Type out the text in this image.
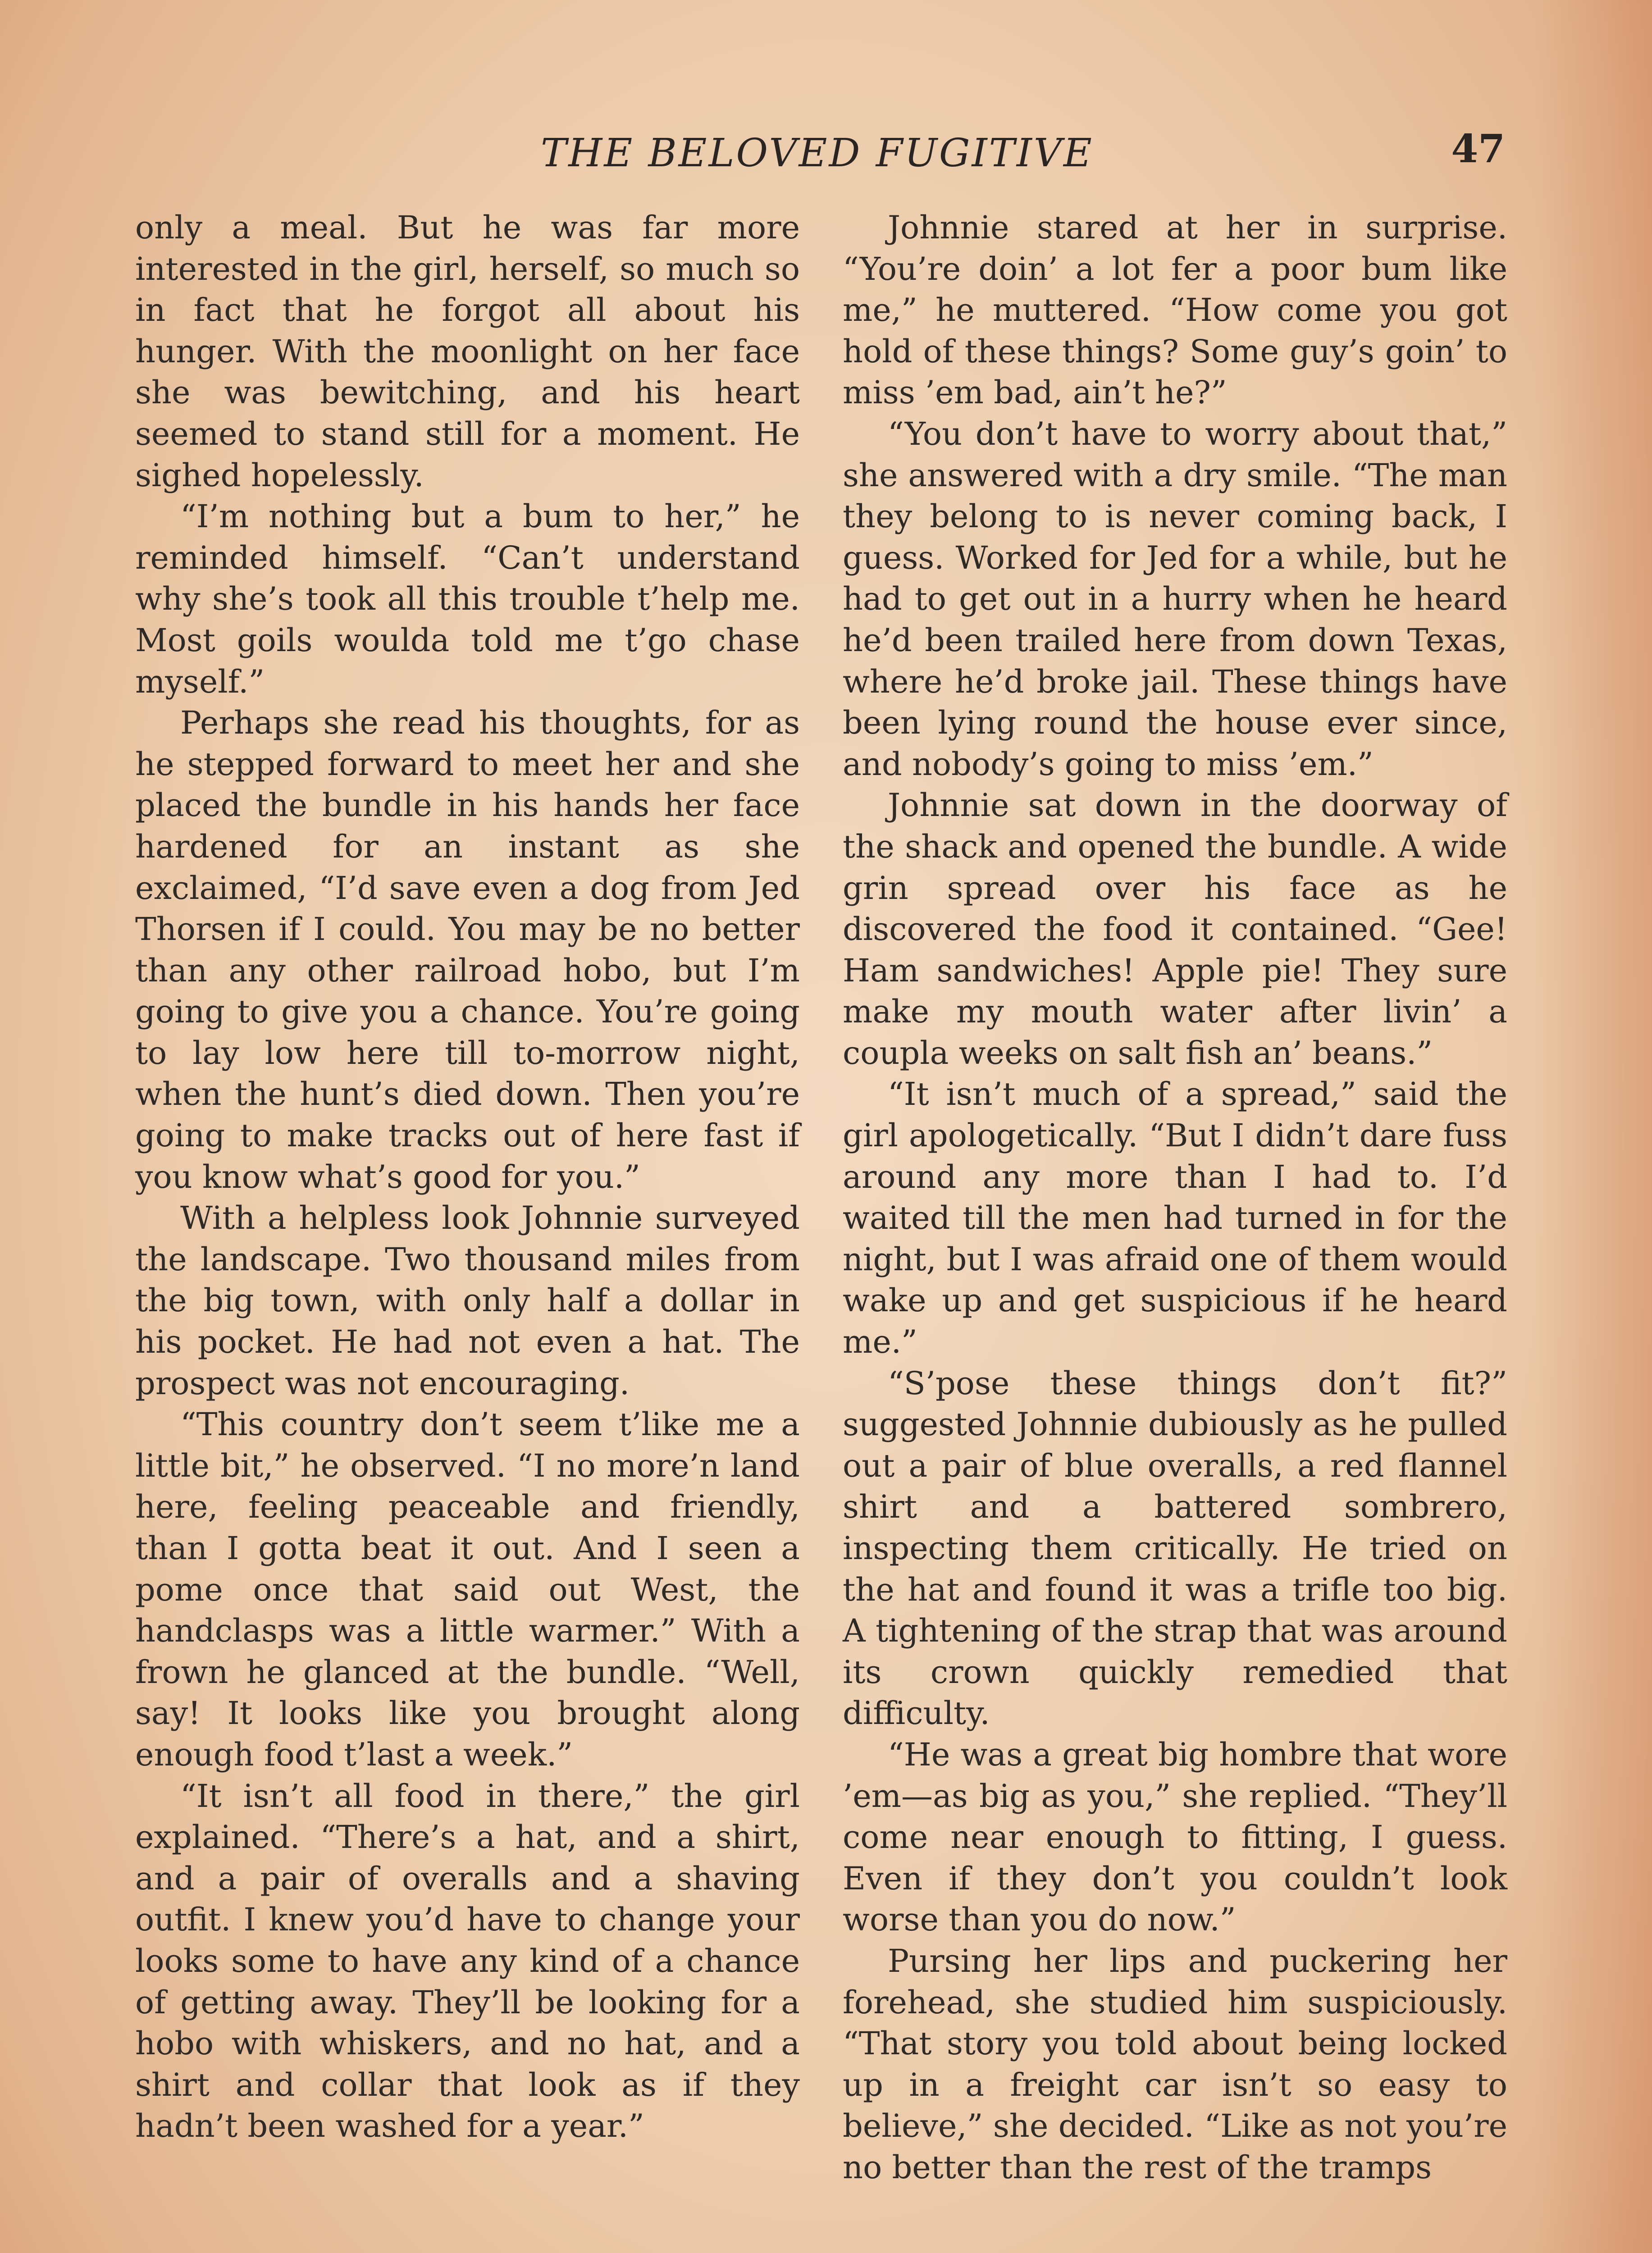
THE BELOVED FUGITIVE	47

only a meal. But he was far more interested in the girl, herself, so much so in fact that he forgot all about his hunger. With the moonlight on her face she was bewitching, and his heart seemed to stand still for a moment. He sighed hopelessly.

“I’m nothing but a bum to her,” he reminded himself. “Can’t understand why she’s took all this trouble t’help me. Most goils woulda told me t’go chase myself.”

Perhaps she read his thoughts, for as he stepped forward to meet her and she placed the bundle in his hands her face hardened for an instant as she exclaimed, “I’d save even a dog from Jed Thorsen if I could. You may be no better than any other railroad hobo, but I’m going to give you a chance. You’re going to lay low here till to-morrow night, when the hunt’s died down. Then you’re going to make tracks out of here fast if you know what’s good for you.”

With a helpless look Johnnie surveyed the landscape. Two thousand miles from the big town, with only half a dollar in his pocket. He had not even a hat. The prospect was not encouraging.

“This country don’t seem t’like me a little bit,” he observed. “I no more’n land here, feeling peaceable and friendly, than I gotta beat it out. And I seen a pome once that said out West, the handclasps was a little warmer.” With a frown he glanced at the bundle. “Well, say! It looks like you brought along enough food t’last a week.”

“It isn’t all food in there,” the girl explained. “There’s a hat, and a shirt, and a pair of overalls and a shaving outfit. I knew you’d have to change your looks some to have any kind of a chance of getting away. They’ll be looking for a hobo with whiskers, and no hat, and a shirt and collar that look as if they hadn’t been washed for a year.”

Johnnie stared at her in surprise. “You’re doin’ a lot fer a poor bum like me,” he muttered. “How come you got hold of these things? Some guy’s goin’ to miss ’em bad, ain’t he?”

“You don’t have to worry about that,” she answered with a dry smile. “The man they belong to is never coming back, I guess. Worked for Jed for a while, but he had to get out in a hurry when he heard he’d been trailed here from down Texas, where he’d broke jail. These things have been lying round the house ever since, and nobody’s going to miss ’em.”

Johnnie sat down in the doorway of the shack and opened the bundle. A wide grin spread over his face as he discovered the food it contained. “Gee! Ham sandwiches! Apple pie! They sure make my mouth water after livin’ a coupla weeks on salt fish an’ beans.”

“It isn’t much of a spread,” said the girl apologetically. “But I didn’t dare fuss around any more than I had to. I’d waited till the men had turned in for the night, but I was afraid one of them would wake up and get suspicious if he heard me.”

“S’pose these things don’t fit?” suggested Johnnie dubiously as he pulled out a pair of blue overalls, a red flannel shirt and a battered sombrero, inspecting them critically. He tried on the hat and found it was a trifle too big. A tightening of the strap that was around its crown quickly remedied that difficulty.

“He was a great big hombre that wore ’em—as big as you,” she replied. “They’ll come near enough to fitting, I guess. Even if they don’t you couldn’t look worse than you do now.”

Pursing her lips and puckering her forehead, she studied him suspiciously. “That story you told about being locked up in a freight car isn’t so easy to believe,” she decided. “Like as not you’re no better than the rest of the tramps
